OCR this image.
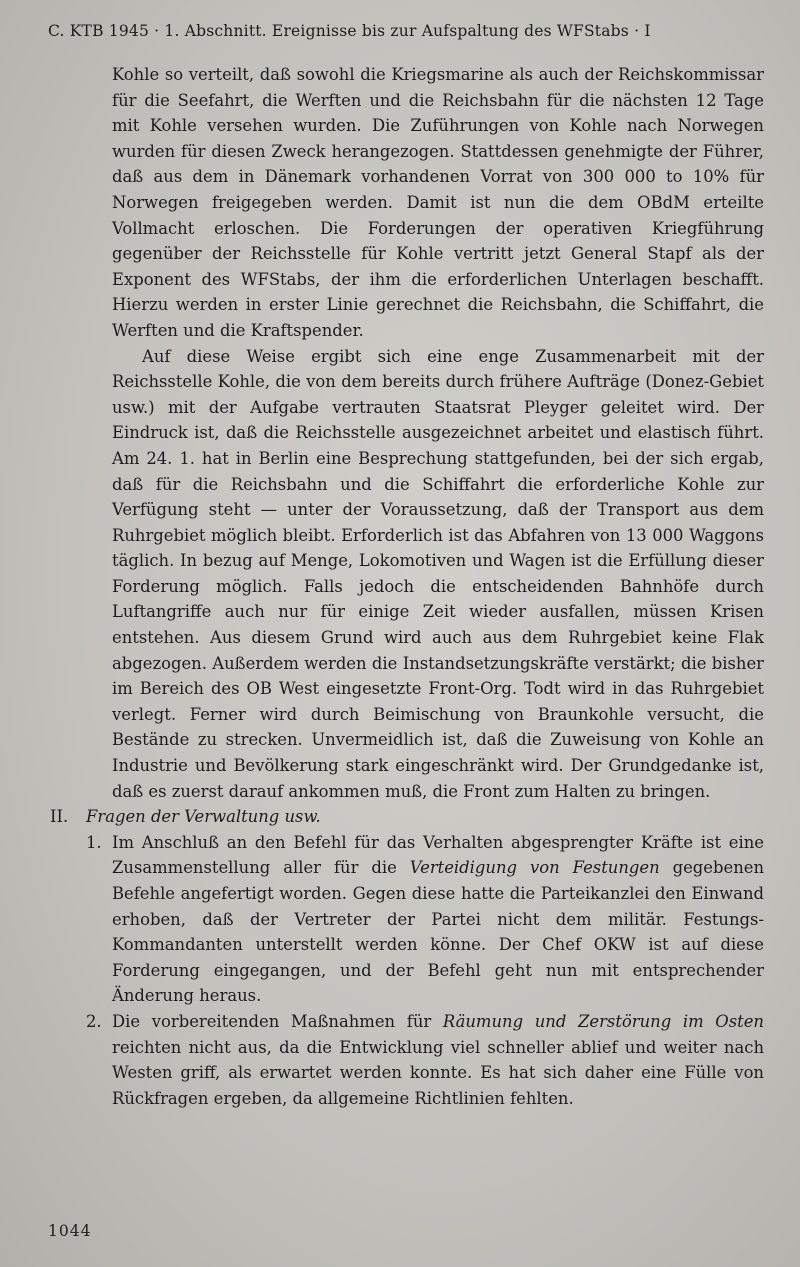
C. KTB 1945 · 1. Abschnitt. Ereignisse bis zur Aufspaltung des WFStabs · I

Kohle so verteilt, daß sowohl die Kriegsmarine als auch der Reichskommissar für die Seefahrt, die Werften und die Reichsbahn für die nächsten 12 Tage mit Kohle versehen wurden. Die Zuführungen von Kohle nach Norwegen wurden für diesen Zweck herangezogen. Stattdessen genehmigte der Führer, daß aus dem in Dänemark vorhandenen Vorrat von 300 000 to 10% für Norwegen freigegeben werden. Damit ist nun die dem OBdM erteilte Vollmacht erloschen. Die Forderungen der operativen Kriegführung gegenüber der Reichsstelle für Kohle vertritt jetzt General Stapf als der Exponent des WFStabs, der ihm die erforderlichen Unterlagen beschafft. Hierzu werden in erster Linie gerechnet die Reichsbahn, die Schiffahrt, die Werften und die Kraftspender.

Auf diese Weise ergibt sich eine enge Zusammenarbeit mit der Reichsstelle Kohle, die von dem bereits durch frühere Aufträge (Donez-Gebiet usw.) mit der Aufgabe vertrauten Staatsrat Pleyger geleitet wird. Der Eindruck ist, daß die Reichsstelle ausgezeichnet arbeitet und elastisch führt. Am 24. 1. hat in Berlin eine Besprechung stattgefunden, bei der sich ergab, daß für die Reichsbahn und die Schiffahrt die erforderliche Kohle zur Verfügung steht — unter der Voraussetzung, daß der Transport aus dem Ruhrgebiet möglich bleibt. Erforderlich ist das Abfahren von 13 000 Waggons täglich. In bezug auf Menge, Lokomotiven und Wagen ist die Erfüllung dieser Forderung möglich. Falls jedoch die entscheidenden Bahnhöfe durch Luftangriffe auch nur für einige Zeit wieder ausfallen, müssen Krisen entstehen. Aus diesem Grund wird auch aus dem Ruhrgebiet keine Flak abgezogen. Außerdem werden die Instandsetzungskräfte verstärkt; die bisher im Bereich des OB West eingesetzte Front-Org. Todt wird in das Ruhrgebiet verlegt. Ferner wird durch Beimischung von Braunkohle versucht, die Bestände zu strecken. Unvermeidlich ist, daß die Zuweisung von Kohle an Industrie und Bevölkerung stark eingeschränkt wird. Der Grundgedanke ist, daß es zuerst darauf ankommen muß, die Front zum Halten zu bringen.

II. Fragen der Verwaltung usw.

1. Im Anschluß an den Befehl für das Verhalten abgesprengter Kräfte ist eine Zusammenstellung aller für die Verteidigung von Festungen gegebenen Befehle angefertigt worden. Gegen diese hatte die Parteikanzlei den Einwand erhoben, daß der Vertreter der Partei nicht dem militär. Festungs-Kommandanten unterstellt werden könne. Der Chef OKW ist auf diese Forderung eingegangen, und der Befehl geht nun mit entsprechender Änderung heraus.

2. Die vorbereitenden Maßnahmen für Räumung und Zerstörung im Osten reichten nicht aus, da die Entwicklung viel schneller ablief und weiter nach Westen griff, als erwartet werden konnte. Es hat sich daher eine Fülle von Rückfragen ergeben, da allgemeine Richtlinien fehlten.

1044
